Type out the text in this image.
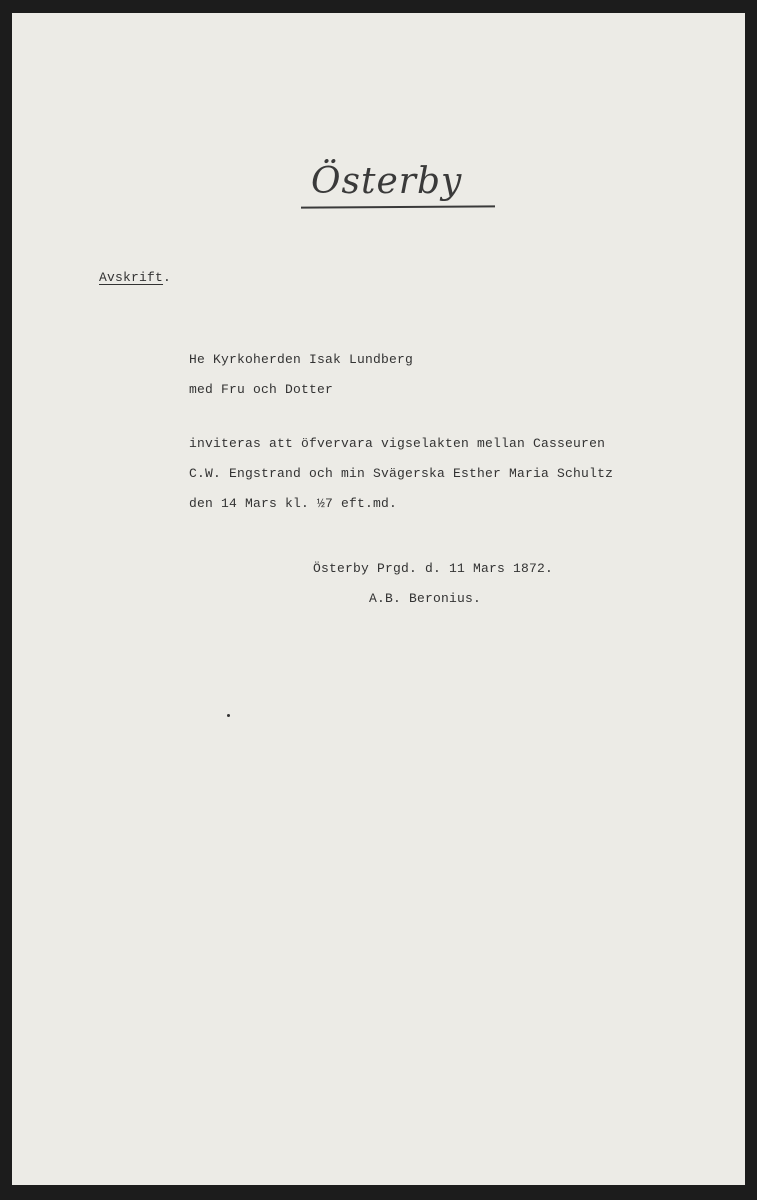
Österby
Avskrift.
He Kyrkoherden Isak Lundberg
med Fru och Dotter
inviteras att öfvervara vigselakten mellan Casseuren
C.W. Engstrand och min Svägerska Esther Maria Schultz
den 14 Mars kl. ½7 eft.md.
Österby Prgd. d. 11 Mars 1872.
A.B. Beronius.
